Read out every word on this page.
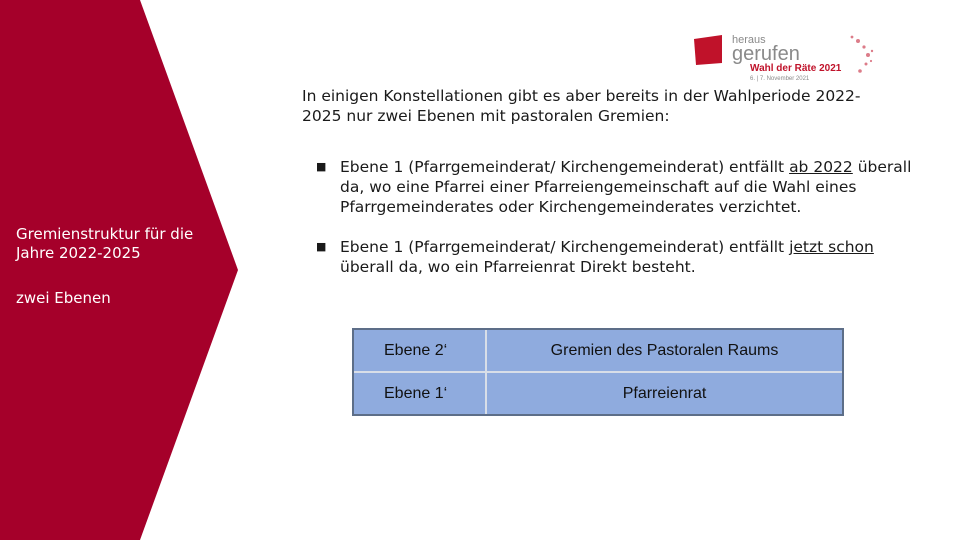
Gremienstruktur für die Jahre 2022-2025
zwei Ebenen
heraus
gerufen
Wahl der Räte 2021
6. | 7. November 2021
In einigen Konstellationen gibt es aber bereits in der Wahlperiode 2022-2025 nur zwei Ebenen mit pastoralen Gremien:
■ Ebene 1 (Pfarrgemeinderat/ Kirchengemeinderat) entfällt ab 2022 überall da, wo eine Pfarrei einer Pfarreiengemeinschaft auf die Wahl eines Pfarrgemeinderates oder Kirchengemeinderates verzichtet.
■ Ebene 1 (Pfarrgemeinderat/ Kirchengemeinderat) entfällt jetzt schon überall da, wo ein Pfarreienrat Direkt besteht.
Ebene 2‘	Gremien des Pastoralen Raums
Ebene 1‘	Pfarreienrat
